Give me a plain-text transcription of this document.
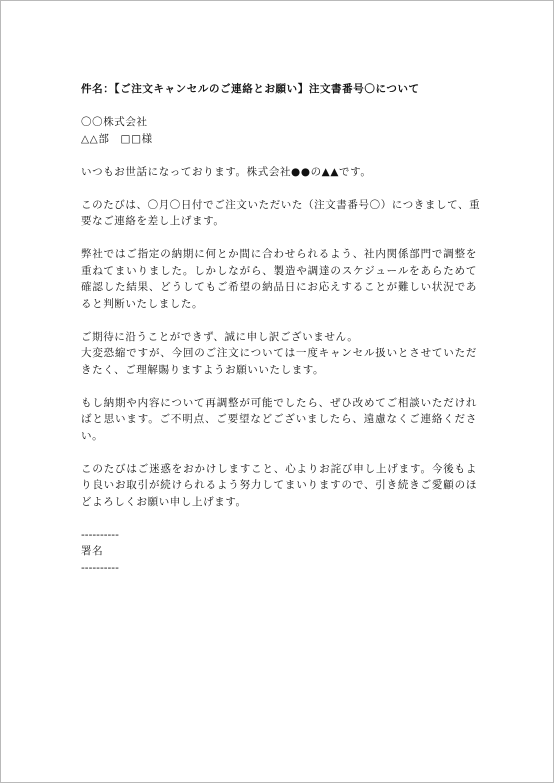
件名：【ご注文キャンセルのご連絡とお願い】注文書番号〇について
〇〇株式会社
△△部　□□様
いつもお世話になっております。株式会社●●の▲▲です。
このたびは、〇月〇日付でご注文いただいた（注文書番号〇）につきまして、重
要なご連絡を差し上げます。
弊社ではご指定の納期に何とか間に合わせられるよう、社内関係部門で調整を
重ねてまいりました。しかしながら、製造や調達のスケジュールをあらためて
確認した結果、どうしてもご希望の納品日にお応えすることが難しい状況であ
ると判断いたしました。
ご期待に沿うことができず、誠に申し訳ございません。
大変恐縮ですが、今回のご注文については一度キャンセル扱いとさせていただ
きたく、ご理解賜りますようお願いいたします。
もし納期や内容について再調整が可能でしたら、ぜひ改めてご相談いただけれ
ばと思います。ご不明点、ご要望などございましたら、遠慮なくご連絡くださ
い。
このたびはご迷惑をおかけしますこと、心よりお詫び申し上げます。今後もよ
り良いお取引が続けられるよう努力してまいりますので、引き続きご愛顧のほ
どよろしくお願い申し上げます。
----------
署名
----------
